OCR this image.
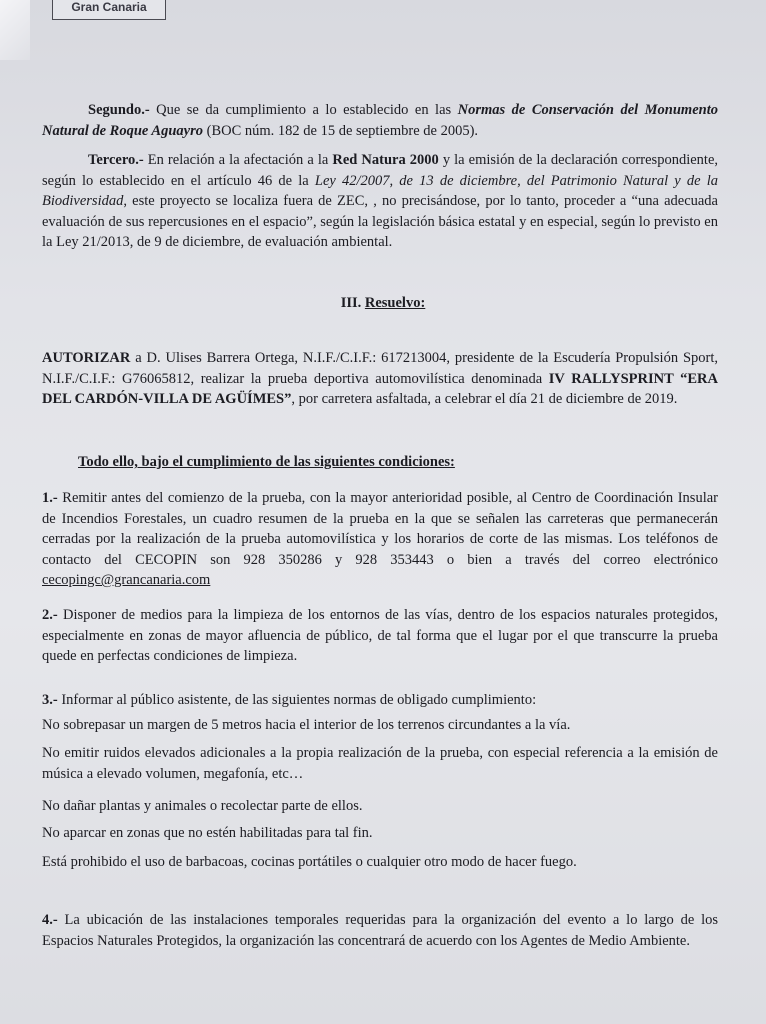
Gran Canaria

Segundo.- Que se da cumplimiento a lo establecido en las Normas de Conservación del Monumento Natural de Roque Aguayro (BOC núm. 182 de 15 de septiembre de 2005).

Tercero.- En relación a la afectación a la Red Natura 2000 y la emisión de la declaración correspondiente, según lo establecido en el artículo 46 de la Ley 42/2007, de 13 de diciembre, del Patrimonio Natural y de la Biodiversidad, este proyecto se localiza fuera de ZEC, , no precisándose, por lo tanto, proceder a “una adecuada evaluación de sus repercusiones en el espacio”, según la legislación básica estatal y en especial, según lo previsto en la Ley 21/2013, de 9 de diciembre, de evaluación ambiental.

III. Resuelvo:

AUTORIZAR a D. Ulises Barrera Ortega, N.I.F./C.I.F.: 617213004, presidente de la Escudería Propulsión Sport, N.I.F./C.I.F.: G76065812, realizar la prueba deportiva automovilística denominada IV RALLYSPRINT “ERA DEL CARDÓN-VILLA DE AGÜÍMES”, por carretera asfaltada, a celebrar el día 21 de diciembre de 2019.

Todo ello, bajo el cumplimiento de las siguientes condiciones:

1.- Remitir antes del comienzo de la prueba, con la mayor anterioridad posible, al Centro de Coordinación Insular de Incendios Forestales, un cuadro resumen de la prueba en la que se señalen las carreteras que permanecerán cerradas por la realización de la prueba automovilística y los horarios de corte de las mismas. Los teléfonos de contacto del CECOPIN son 928 350286 y 928 353443 o bien a través del correo electrónico cecopingc@grancanaria.com

2.- Disponer de medios para la limpieza de los entornos de las vías, dentro de los espacios naturales protegidos, especialmente en zonas de mayor afluencia de público, de tal forma que el lugar por el que transcurre la prueba quede en perfectas condiciones de limpieza.

3.- Informar al público asistente, de las siguientes normas de obligado cumplimiento:

No sobrepasar un margen de 5 metros hacia el interior de los terrenos circundantes a la vía.

No emitir ruidos elevados adicionales a la propia realización de la prueba, con especial referencia a la emisión de música a elevado volumen, megafonía, etc…

No dañar plantas y animales o recolectar parte de ellos.

No aparcar en zonas que no estén habilitadas para tal fin.

Está prohibido el uso de barbacoas, cocinas portátiles o cualquier otro modo de hacer fuego.

4.- La ubicación de las instalaciones temporales requeridas para la organización del evento a lo largo de los Espacios Naturales Protegidos, la organización las concentrará de acuerdo con los Agentes de Medio Ambiente.
